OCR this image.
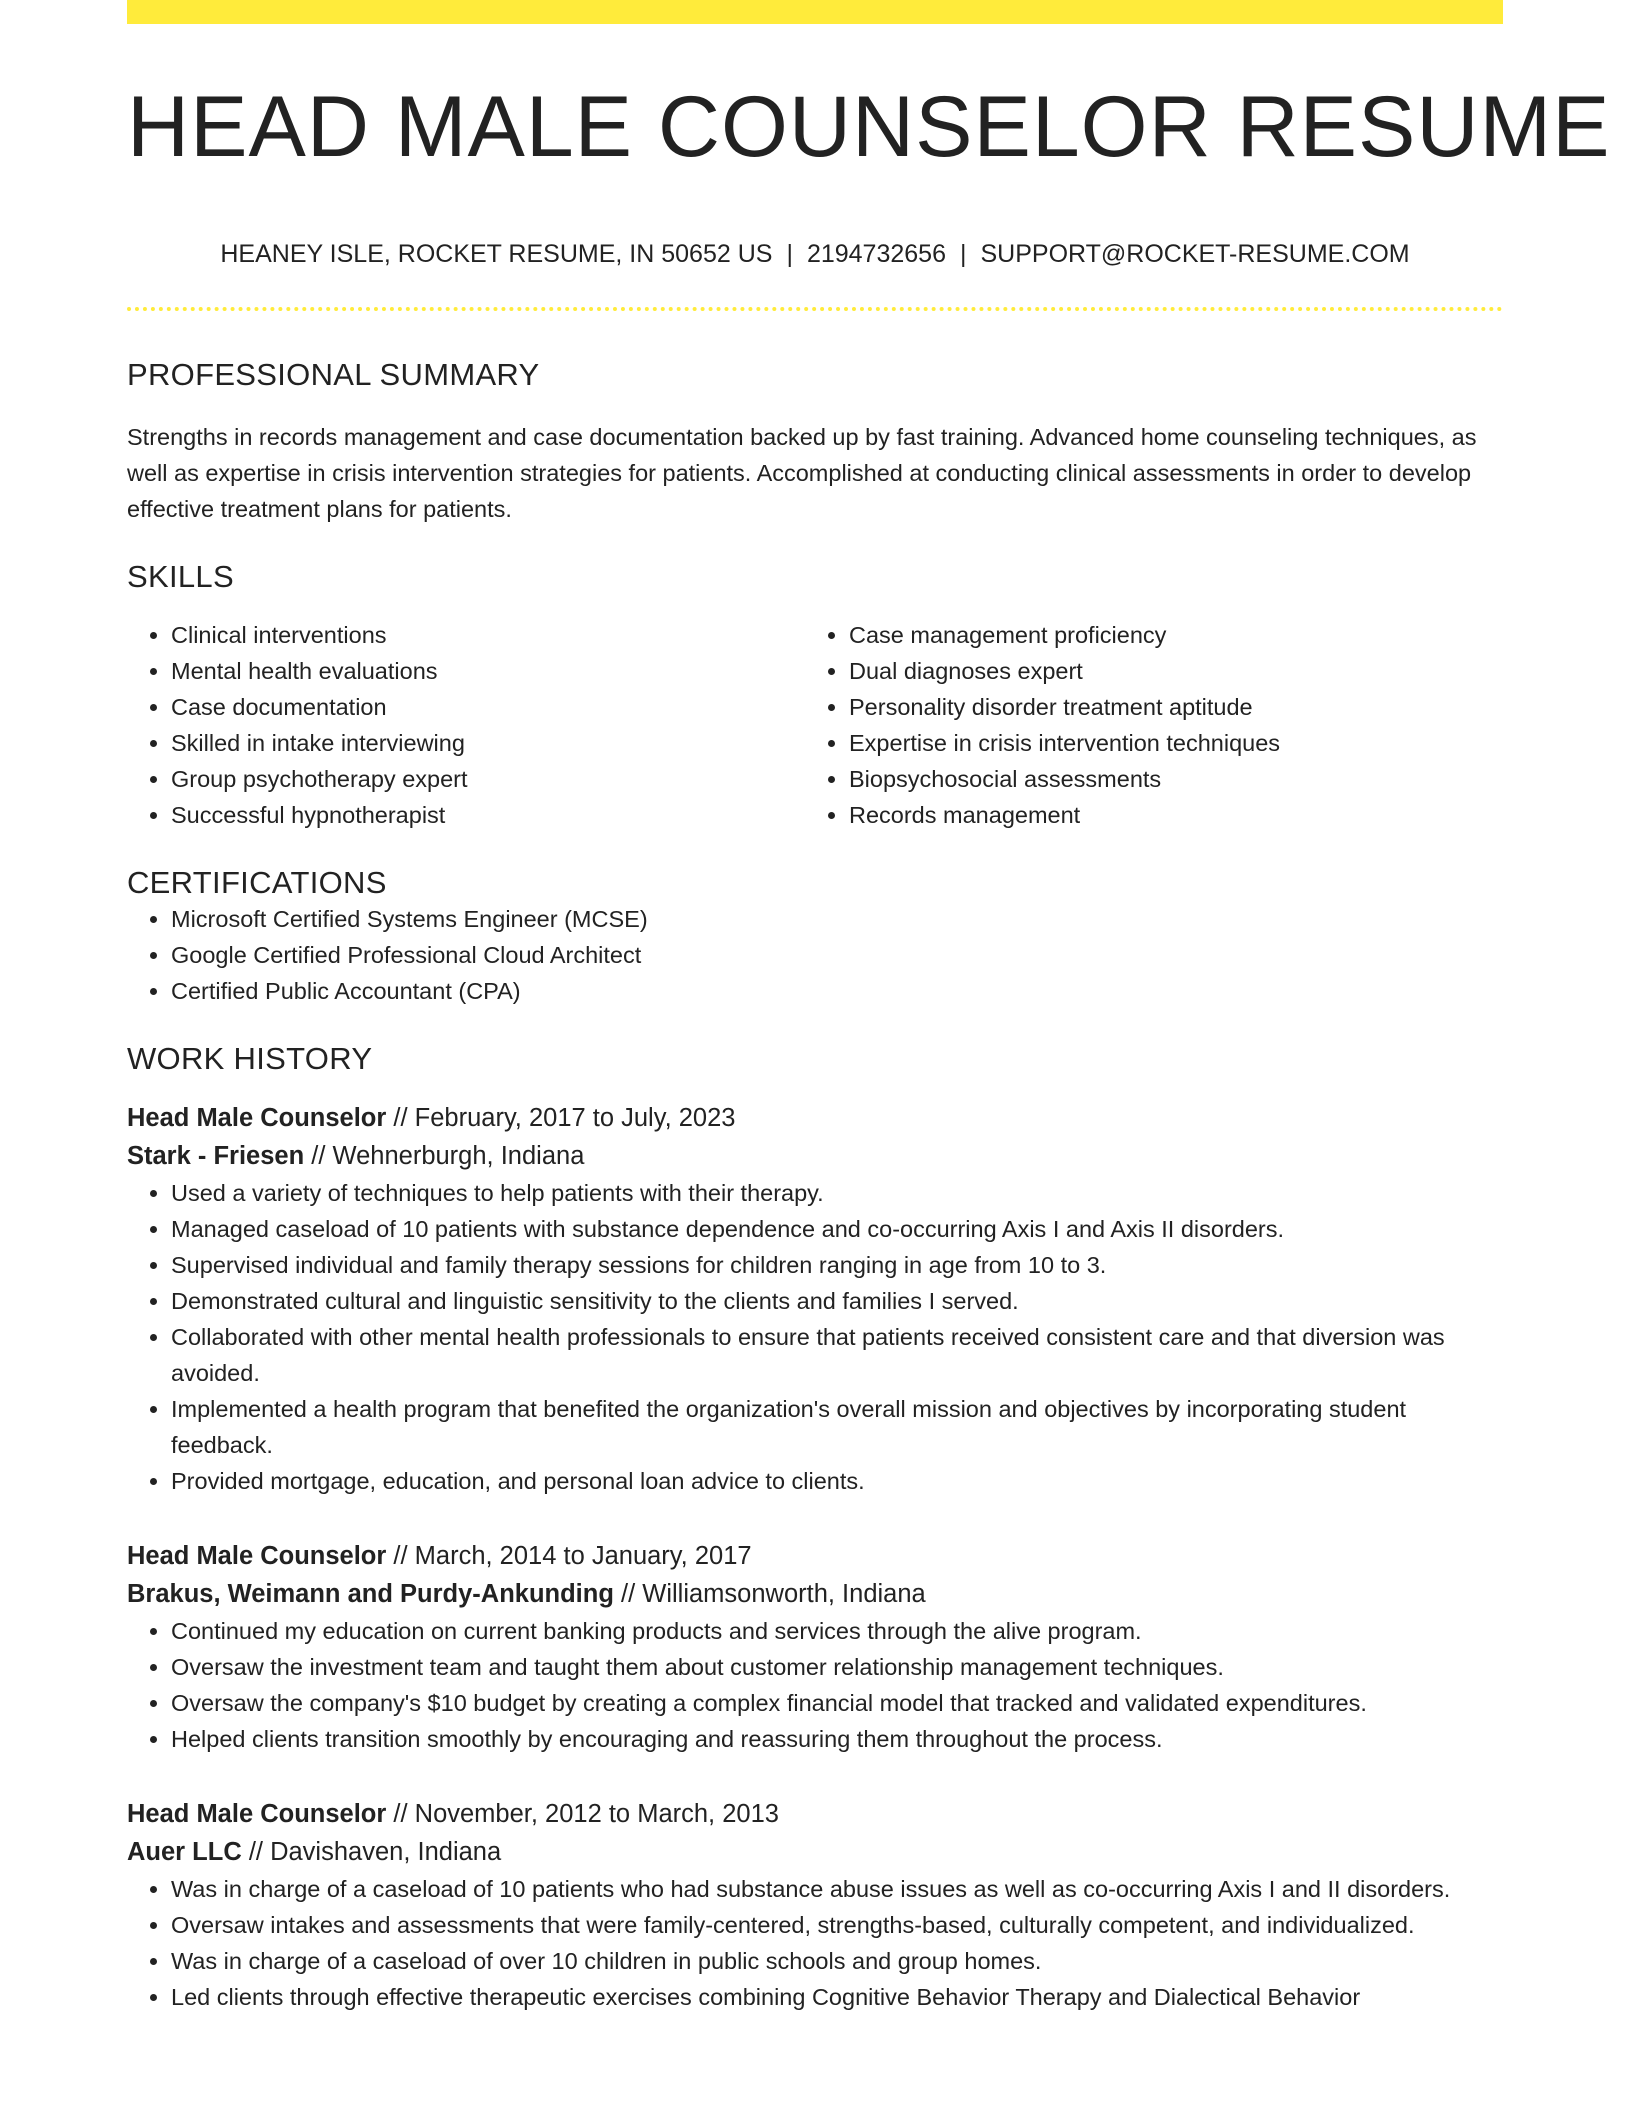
HEAD MALE COUNSELOR RESUME
HEANEY ISLE, ROCKET RESUME, IN 50652 US | 2194732656 | SUPPORT@ROCKET-RESUME.COM
PROFESSIONAL SUMMARY
Strengths in records management and case documentation backed up by fast training. Advanced home counseling techniques, as well as expertise in crisis intervention strategies for patients. Accomplished at conducting clinical assessments in order to develop effective treatment plans for patients.
SKILLS
• Clinical interventions
• Mental health evaluations
• Case documentation
• Skilled in intake interviewing
• Group psychotherapy expert
• Successful hypnotherapist
• Case management proficiency
• Dual diagnoses expert
• Personality disorder treatment aptitude
• Expertise in crisis intervention techniques
• Biopsychosocial assessments
• Records management
CERTIFICATIONS
• Microsoft Certified Systems Engineer (MCSE)
• Google Certified Professional Cloud Architect
• Certified Public Accountant (CPA)
WORK HISTORY
Head Male Counselor // February, 2017 to July, 2023
Stark - Friesen // Wehnerburgh, Indiana
• Used a variety of techniques to help patients with their therapy.
• Managed caseload of 10 patients with substance dependence and co-occurring Axis I and Axis II disorders.
• Supervised individual and family therapy sessions for children ranging in age from 10 to 3.
• Demonstrated cultural and linguistic sensitivity to the clients and families I served.
• Collaborated with other mental health professionals to ensure that patients received consistent care and that diversion was avoided.
• Implemented a health program that benefited the organization's overall mission and objectives by incorporating student feedback.
• Provided mortgage, education, and personal loan advice to clients.
Head Male Counselor // March, 2014 to January, 2017
Brakus, Weimann and Purdy-Ankunding // Williamsonworth, Indiana
• Continued my education on current banking products and services through the alive program.
• Oversaw the investment team and taught them about customer relationship management techniques.
• Oversaw the company's $10 budget by creating a complex financial model that tracked and validated expenditures.
• Helped clients transition smoothly by encouraging and reassuring them throughout the process.
Head Male Counselor // November, 2012 to March, 2013
Auer LLC // Davishaven, Indiana
• Was in charge of a caseload of 10 patients who had substance abuse issues as well as co-occurring Axis I and II disorders.
• Oversaw intakes and assessments that were family-centered, strengths-based, culturally competent, and individualized.
• Was in charge of a caseload of over 10 children in public schools and group homes.
• Led clients through effective therapeutic exercises combining Cognitive Behavior Therapy and Dialectical Behavior
